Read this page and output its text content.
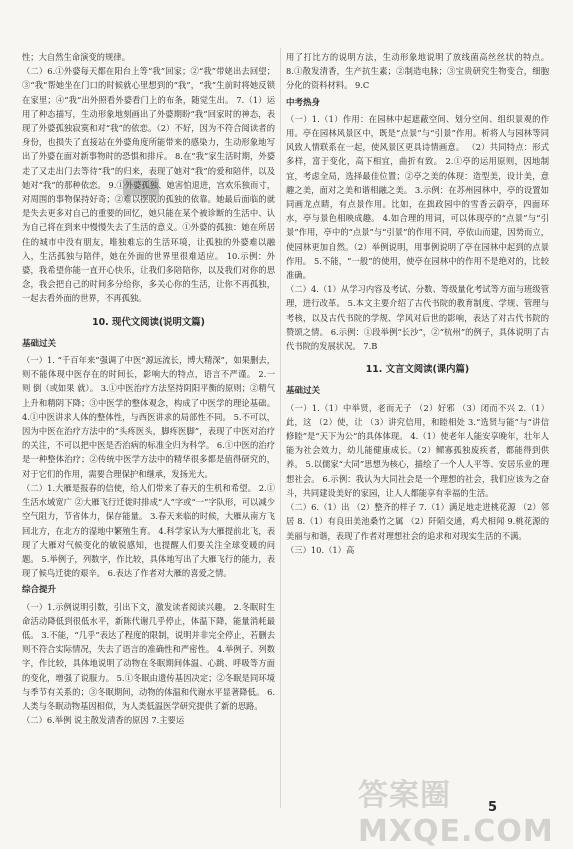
性；大自然生命演变的规律。

（二）6.①外婆每天都在阳台上等“我”回家；②“我”带姥出去回望；③“我”帮她坐在门口的时候就心里想到的“我”，“我”生前时将她反锁在家里；④“我”出外照看外婆看门上的布条，随觉生出。 7.（1）运用了种态描写，生动形象地刻画出了外婆期盼“我”回家时的神态，表现了外婆孤独寂寞和对“我”的依恋。（2）不好，因为不符合阅读者的身份，也损失了直接站在外婆角度所能带来的感染力，生动形象地写出了外婆在面对新事物时的恐惧和排斥。 8.在“我”家生活时期，外婆走了又走出门去等待“我”的归来，表现了她对“我”的爱和陪伴，以及她对“我”的那种依恋。 9.①外婆孤独、她害怕退进，宫欢乐独而寸，对周围的事物保持好奇；②难以摆脱的孤独的依靠。她最后面临的就是失去更多对自己的重要的回忆，她只能在某个被诊断的生活中、认为自己将在到来中慢慢失去了生活的意义。①外婆的孤独：她在所居住的城市中没有朋友，唯独难忘的生活环境，让孤独的外婆难以融入，生活孤独与陪伴，她在外面的世界里很难适应。 10.示例：外婆，我希望你能一直开心快乐，让我们多陪陪你，以及我们对你的思念，我会把自己的时间多分给你，多关心你的生活，让你不再孤独，一起去看外面的世界，不再孤独。

10. 现代文阅读(说明文篇)
基础过关

（一）1. “千百年来”强调了中医“源远流长，博大精深”，如果删去，则不能体现中医存在的时间长，影响大的特点，语言不严谨。 2.一 则 倒（或如果 就）。 3.①中医治疗方法坚持阴阳平衡的原则；②精气上升和精阴下降；③中医学的整体观念，构成了中医学的理论基础。 4.①中医讲求人体的整体性，与西医讲求的局部性不同。 5.不可以，因为中医在治疗方法中的“头疼医头，脚疼医脚”，表现了中医对治疗的关注，不可以把中医是否治病的标准全归为科学。 6.①中医的治疗是一种整体治疗；②传统中医学方法中的精华很多都是值得研究的，对于它们的作用，需要合理保护和继承，发扬光大。

（二）1.大雁是报春的信使，给人们带来了春天的生机和希望。 2.①生活水域宽广 ②大雁飞行迁徙时排成“人”字或“一”字队形，可以减少空气阻力，节省体力，保存能量。 3.春天来临的时候，大雁从南方飞回北方，在北方的湿地中繁殖生育。 4.科学家认为大雁提前北飞，表现了大雁对气候变化的敏锐感知，也提醒人们要关注全球变暖的问题。 5.举例子，列数字，作比较，具体地写出了大雁飞行的能力，表现了候鸟迁徙的艰辛。 6.表达了作者对大雁的喜爱之情。

综合提升

（一）1.示例说明引数，引出下文，激发读者阅读兴趣。 2.冬眠时生命活动降低到很低水平，新陈代谢几乎停止，体温下降，能量消耗最低。 3.不能，“几乎”表达了程度的限制，说明并非完全停止，若删去则不符合实际情况，失去了语言的准确性和严密性。 4.举例子、列数字，作比较，具体地说明了动物在冬眠期间体温、心跳、呼吸等方面的变化，增强了说服力。 5.①冬眠由遗传基因决定；②冬眠是同环境与季节有关系的；③冬眠期间，动物的体温和代谢水平显著降低。 6.人类与冬眠动物基因相似，为人类低温医学研究提供了新的思路。

（二）6.举例 说主散发清香的原因 7.主要运

用了打比方的说明方法，生动形象地说明了放线菌高丝丝状的特点。 8.①散发清香，生产抗生素；②制造电脉；③宝贵研究生物变合，细胞分化的资料材料。 9.C

中考热身

（一）1.（1）作用：在园林中起遮蔽空间、划分空间、组织景观的作用。亭在园林风景区中，既是“点景”与“引景”作用。析将人与园林等同风致人情联系在一起，使风景区更具诗情画意。 （2）共同特点：形式多样，富于变化，高下相宜，曲折有致。 2.①亭的运用原则，因地制宜，考虑全局，选择最佳位置；②亭之美的体现：造型美，设计美，意趣之美，面对之美和谐相融之美。 3.示例：在苏州园林中，亭的设置如同画龙点睛，有点景作用。比如，在拙政园中的雪香云蔚亭，四面环水，亭与景色相映成趣。 4.如合理的用词，可以体现亭的“点景”与“引景”作用，亭中的“点景”与“引景”的作用不同，亭依山而建，因势而立，使园林更加自然。（2）举例说明，用事例说明了亭在园林中起到的点景作用。 5.不能，“一般”的使用，使亭在园林中的作用不是绝对的，比较准确。

（二）4.（1）从学习内容及考试、分数、等级量化考试等方面与班级管理，进行改革。 5.本文主要介绍了古代书院的教育制度、学规、管理与考核，以及古代书院的学规、学风对后世的影响，表达了对古代书院的赞颂之情。 6.示例：①段举例“长沙”，②“杭州”的例子，具体说明了古代书院的发展状况。 7.B

11. 文言文阅读(课内篇)
基础过关

（一）1.（1）中举贤，老而无子 （2）好邪 （3）闭而不兴 2.（1）此，这 （2）使，让 （3）讲究信用，和睦相处 3.“选贤与能”与“讲信修睦”是“天下为公”的具体体现。 4.（1）使老年人能安享晚年，壮年人能为社会效力，幼儿能健康成长。（2）鳏寡孤独废疾者，都能得到供养。 5.以儒家“大同”思想为核心，描绘了一个人人平等、安居乐业的理想社会。 6.示例：我认为大同社会是一个理想的社会，我们应该为之奋斗，共同建设美好的家园，让人人都能享有幸福的生活。

（二）6.（1）出 （2）整齐的样子 7.（1）满足地走进桃花源 （2）邻居 8.（1）有良田美池桑竹之属 （2）阡陌交通，鸡犬相闻 9.桃花源的美丽与和谐，表现了作者对理想社会的追求和对现实生活的不满。

（三）10.（1）高

答案圈 MXQE.COM
5
